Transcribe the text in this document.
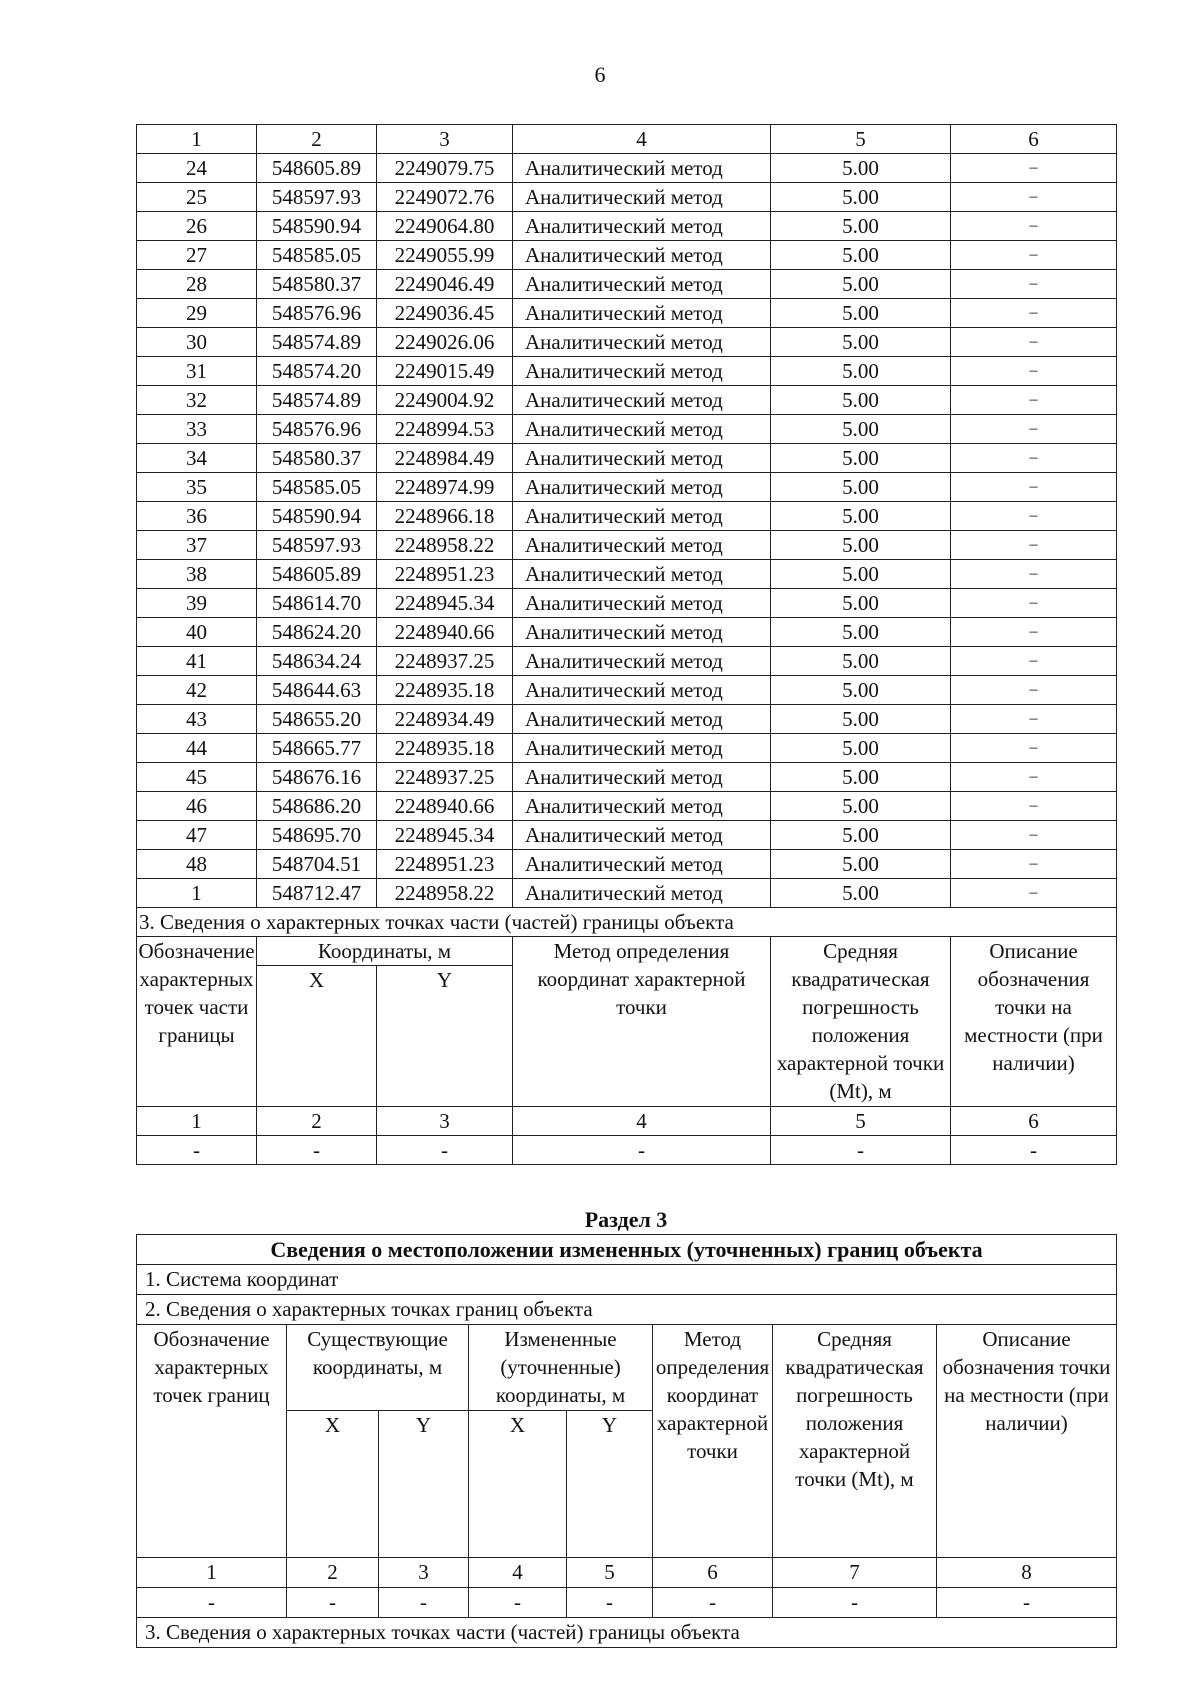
6
1	2	3	4	5	6
24	548605.89	2249079.75	Аналитический метод	5.00	–
25	548597.93	2249072.76	Аналитический метод	5.00	–
26	548590.94	2249064.80	Аналитический метод	5.00	–
27	548585.05	2249055.99	Аналитический метод	5.00	–
28	548580.37	2249046.49	Аналитический метод	5.00	–
29	548576.96	2249036.45	Аналитический метод	5.00	–
30	548574.89	2249026.06	Аналитический метод	5.00	–
31	548574.20	2249015.49	Аналитический метод	5.00	–
32	548574.89	2249004.92	Аналитический метод	5.00	–
33	548576.96	2248994.53	Аналитический метод	5.00	–
34	548580.37	2248984.49	Аналитический метод	5.00	–
35	548585.05	2248974.99	Аналитический метод	5.00	–
36	548590.94	2248966.18	Аналитический метод	5.00	–
37	548597.93	2248958.22	Аналитический метод	5.00	–
38	548605.89	2248951.23	Аналитический метод	5.00	–
39	548614.70	2248945.34	Аналитический метод	5.00	–
40	548624.20	2248940.66	Аналитический метод	5.00	–
41	548634.24	2248937.25	Аналитический метод	5.00	–
42	548644.63	2248935.18	Аналитический метод	5.00	–
43	548655.20	2248934.49	Аналитический метод	5.00	–
44	548665.77	2248935.18	Аналитический метод	5.00	–
45	548676.16	2248937.25	Аналитический метод	5.00	–
46	548686.20	2248940.66	Аналитический метод	5.00	–
47	548695.70	2248945.34	Аналитический метод	5.00	–
48	548704.51	2248951.23	Аналитический метод	5.00	–
1	548712.47	2248958.22	Аналитический метод	5.00	–
3. Сведения о характерных точках части (частей) границы объекта					
Обозначение характерных точек части границы	Координаты, м		Метод определения координат характерной точки	Средняя квадратическая погрешность положения характерной точки (Mt), м	Описание обозначения точки на местности (при наличии)
	X	Y			
1	2	3	4	5	6
-	-	-	-	-	-
Раздел 3
Сведения о местоположении измененных (уточненных) границ объекта							
1. Система координат							
2. Сведения о характерных точках границ объекта							
Обозначение характерных точек границ	Существующие координаты, м		Измененные (уточненные) координаты, м		Метод определения координат характерной точки	Средняя квадратическая погрешность положения характерной точки (Mt), м	Описание обозначения точки на местности (при наличии)
	X	Y	X	Y			
1	2	3	4	5	6	7	8
-	-	-	-	-	-	-	-
3. Сведения о характерных точках части (частей) границы объекта							
